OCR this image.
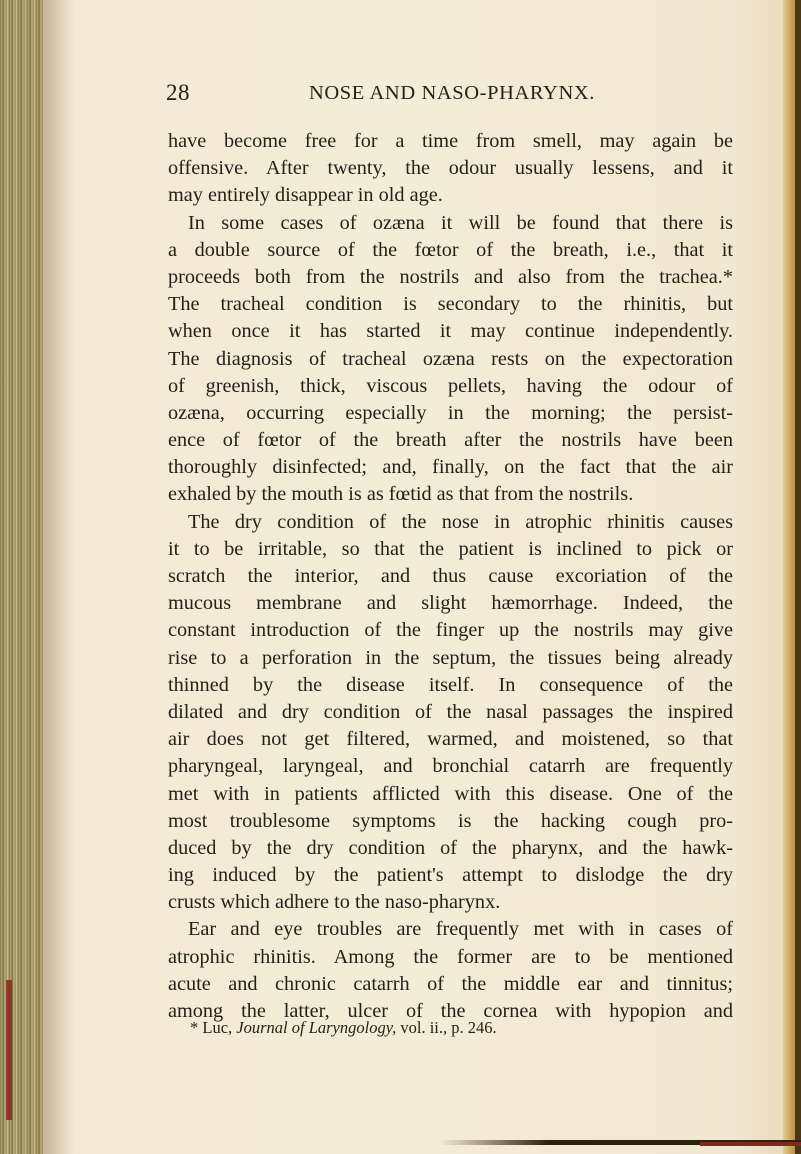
28	NOSE AND NASO-PHARYNX.
have become free for a time from smell, may again be
offensive. After twenty, the odour usually lessens, and it
may entirely disappear in old age.
In some cases of ozæna it will be found that there is
a double source of the fœtor of the breath, i.e., that it
proceeds both from the nostrils and also from the trachea.*
The tracheal condition is secondary to the rhinitis, but
when once it has started it may continue independently.
The diagnosis of tracheal ozæna rests on the expectoration
of greenish, thick, viscous pellets, having the odour of
ozæna, occurring especially in the morning; the persist-
ence of fœtor of the breath after the nostrils have been
thoroughly disinfected; and, finally, on the fact that the air
exhaled by the mouth is as fœtid as that from the nostrils.
The dry condition of the nose in atrophic rhinitis causes
it to be irritable, so that the patient is inclined to pick or
scratch the interior, and thus cause excoriation of the
mucous membrane and slight hæmorrhage. Indeed, the
constant introduction of the finger up the nostrils may give
rise to a perforation in the septum, the tissues being already
thinned by the disease itself. In consequence of the
dilated and dry condition of the nasal passages the inspired
air does not get filtered, warmed, and moistened, so that
pharyngeal, laryngeal, and bronchial catarrh are frequently
met with in patients afflicted with this disease. One of the
most troublesome symptoms is the hacking cough pro-
duced by the dry condition of the pharynx, and the hawk-
ing induced by the patient's attempt to dislodge the dry
crusts which adhere to the naso-pharynx.
Ear and eye troubles are frequently met with in cases of
atrophic rhinitis. Among the former are to be mentioned
acute and chronic catarrh of the middle ear and tinnitus;
among the latter, ulcer of the cornea with hypopion and
* Luc, Journal of Laryngology, vol. ii., p. 246.
